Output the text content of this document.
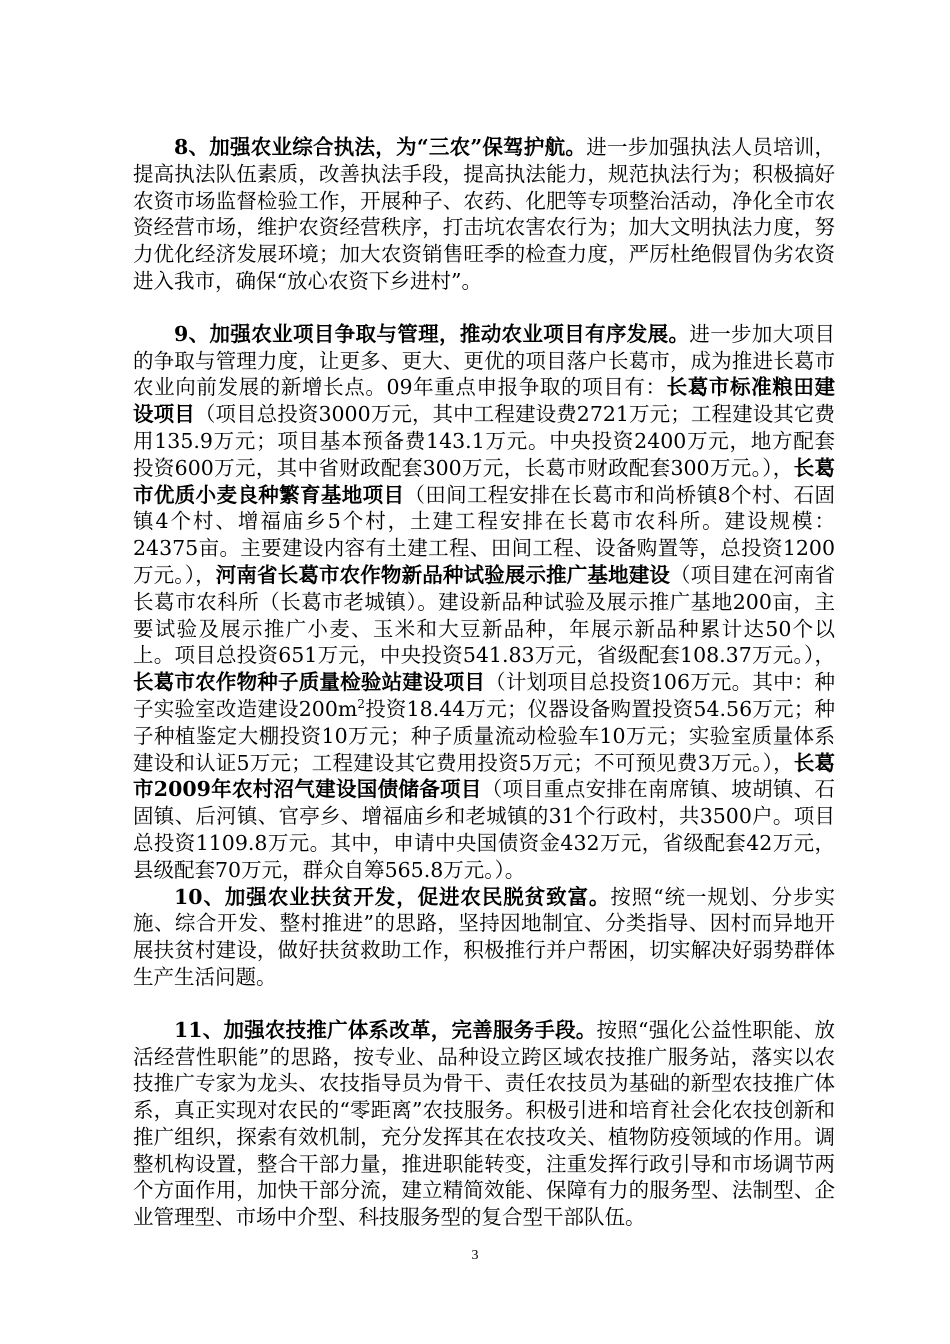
8、加强农业综合执法，为“三农”保驾护航。进一步加强执法人员培训，提高执法队伍素质，改善执法手段，提高执法能力，规范执法行为；积极搞好农资市场监督检验工作，开展种子、农药、化肥等专项整治活动，净化全市农资经营市场，维护农资经营秩序，打击坑农害农行为；加大文明执法力度，努力优化经济发展环境；加大农资销售旺季的检查力度，严厉杜绝假冒伪劣农资进入我市，确保“放心农资下乡进村”。

9、加强农业项目争取与管理，推动农业项目有序发展。进一步加大项目的争取与管理力度，让更多、更大、更优的项目落户长葛市，成为推进长葛市农业向前发展的新增长点。09年重点申报争取的项目有：长葛市标准粮田建设项目（项目总投资3000万元，其中工程建设费2721万元；工程建设其它费用135.9万元；项目基本预备费143.1万元。中央投资2400万元，地方配套投资600万元，其中省财政配套300万元，长葛市财政配套300万元。），长葛市优质小麦良种繁育基地项目（田间工程安排在长葛市和尚桥镇8个村、石固镇4个村、增福庙乡5个村，土建工程安排在长葛市农科所。建设规模：24375亩。主要建设内容有土建工程、田间工程、设备购置等，总投资1200万元。），河南省长葛市农作物新品种试验展示推广基地建设（项目建在河南省长葛市农科所（长葛市老城镇）。建设新品种试验及展示推广基地200亩，主要试验及展示推广小麦、玉米和大豆新品种，年展示新品种累计达50个以上。项目总投资651万元，中央投资541.83万元，省级配套108.37万元。），长葛市农作物种子质量检验站建设项目（计划项目总投资106万元。其中：种子实验室改造建设$200m^2$投资18.44万元；仪器设备购置投资54.56万元；种子种植鉴定大棚投资10万元；种子质量流动检验车10万元；实验室质量体系建设和认证5万元；工程建设其它费用投资5万元；不可预见费3万元。），长葛市2009年农村沼气建设国债储备项目（项目重点安排在南席镇、坡胡镇、石固镇、后河镇、官亭乡、增福庙乡和老城镇的31个行政村，共3500户。项目总投资1109.8万元。其中，申请中央国债资金432万元，省级配套42万元，县级配套70万元，群众自筹565.8万元。）。

10、加强农业扶贫开发，促进农民脱贫致富。按照“统一规划、分步实施、综合开发、整村推进”的思路，坚持因地制宜、分类指导、因村而异地开展扶贫村建设，做好扶贫救助工作，积极推行并户帮困，切实解决好弱势群体生产生活问题。

11、加强农技推广体系改革，完善服务手段。按照“强化公益性职能、放活经营性职能”的思路，按专业、品种设立跨区域农技推广服务站，落实以农技推广专家为龙头、农技指导员为骨干、责任农技员为基础的新型农技推广体系，真正实现对农民的“零距离”农技服务。积极引进和培育社会化农技创新和推广组织，探索有效机制，充分发挥其在农技攻关、植物防疫领域的作用。调整机构设置，整合干部力量，推进职能转变，注重发挥行政引导和市场调节两个方面作用，加快干部分流，建立精简效能、保障有力的服务型、法制型、企业管理型、市场中介型、科技服务型的复合型干部队伍。

3
